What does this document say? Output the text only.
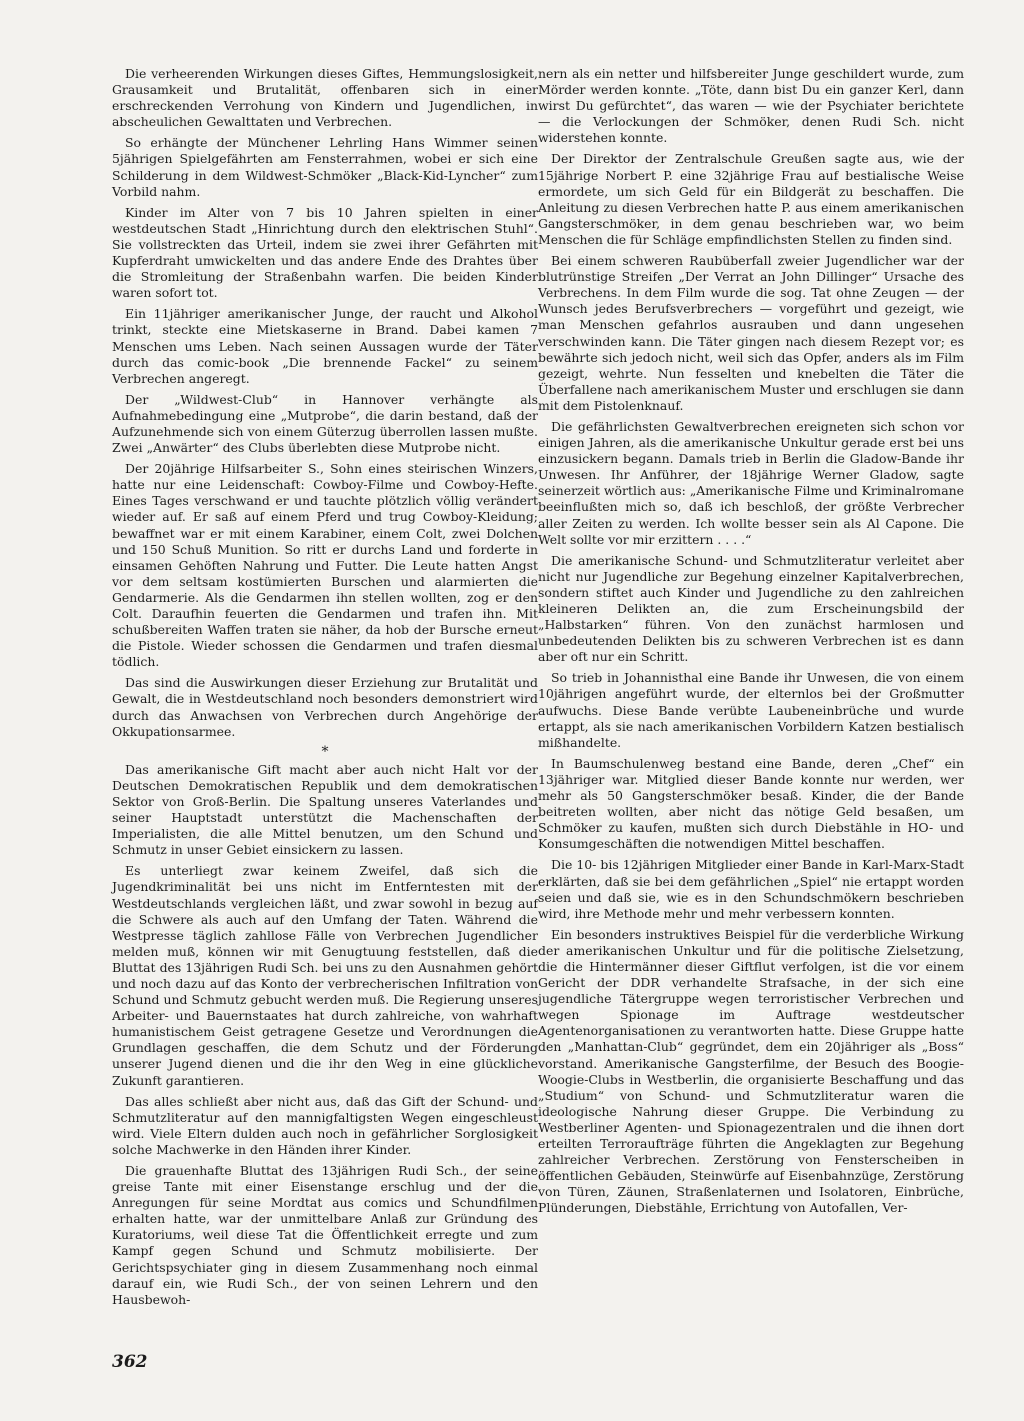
Die verheerenden Wirkungen dieses Giftes, Hemmungslosigkeit, Grausamkeit und Brutalität, offenbaren sich in einer erschreckenden Verrohung von Kindern und Jugendlichen, in abscheulichen Gewalttaten und Verbrechen.

So erhängte der Münchener Lehrling Hans Wimmer seinen 5jährigen Spielgefährten am Fensterrahmen, wobei er sich eine Schilderung in dem Wildwest-Schmöker „Black-Kid-Lyncher“ zum Vorbild nahm.

Kinder im Alter von 7 bis 10 Jahren spielten in einer westdeutschen Stadt „Hinrichtung durch den elektrischen Stuhl“. Sie vollstreckten das Urteil, indem sie zwei ihrer Gefährten mit Kupferdraht umwickelten und das andere Ende des Drahtes über die Stromleitung der Straßenbahn warfen. Die beiden Kinder waren sofort tot.

Ein 11jähriger amerikanischer Junge, der raucht und Alkohol trinkt, steckte eine Mietskaserne in Brand. Dabei kamen 7 Menschen ums Leben. Nach seinen Aussagen wurde der Täter durch das comic-book „Die brennende Fackel“ zu seinem Verbrechen angeregt.

Der „Wildwest-Club“ in Hannover verhängte als Aufnahmebedingung eine „Mutprobe“, die darin bestand, daß der Aufzunehmende sich von einem Güterzug überrollen lassen mußte. Zwei „Anwärter“ des Clubs überlebten diese Mutprobe nicht.

Der 20jährige Hilfsarbeiter S., Sohn eines steirischen Winzers, hatte nur eine Leidenschaft: Cowboy-Filme und Cowboy-Hefte. Eines Tages verschwand er und tauchte plötzlich völlig verändert wieder auf. Er saß auf einem Pferd und trug Cowboy-Kleidung; bewaffnet war er mit einem Karabiner, einem Colt, zwei Dolchen und 150 Schuß Munition. So ritt er durchs Land und forderte in einsamen Gehöften Nahrung und Futter. Die Leute hatten Angst vor dem seltsam kostümierten Burschen und alarmierten die Gendarmerie. Als die Gendarmen ihn stellen wollten, zog er den Colt. Daraufhin feuerten die Gendarmen und trafen ihn. Mit schußbereiten Waffen traten sie näher, da hob der Bursche erneut die Pistole. Wieder schossen die Gendarmen und trafen diesmal tödlich.

Das sind die Auswirkungen dieser Erziehung zur Brutalität und Gewalt, die in Westdeutschland noch besonders demonstriert wird durch das Anwachsen von Verbrechen durch Angehörige der Okkupationsarmee.

*

Das amerikanische Gift macht aber auch nicht Halt vor der Deutschen Demokratischen Republik und dem demokratischen Sektor von Groß-Berlin. Die Spaltung unseres Vaterlandes und seiner Hauptstadt unterstützt die Machenschaften der Imperialisten, die alle Mittel benutzen, um den Schund und Schmutz in unser Gebiet einsickern zu lassen.

Es unterliegt zwar keinem Zweifel, daß sich die Jugendkriminalität bei uns nicht im Entferntesten mit der Westdeutschlands vergleichen läßt, und zwar sowohl in bezug auf die Schwere als auch auf den Umfang der Taten. Während die Westpresse täglich zahllose Fälle von Verbrechen Jugendlicher melden muß, können wir mit Genugtuung feststellen, daß die Bluttat des 13jährigen Rudi Sch. bei uns zu den Ausnahmen gehört und noch dazu auf das Konto der verbrecherischen Infiltration von Schund und Schmutz gebucht werden muß. Die Regierung unseres Arbeiter- und Bauernstaates hat durch zahlreiche, von wahrhaft humanistischem Geist getragene Gesetze und Verordnungen die Grundlagen geschaffen, die dem Schutz und der Förderung unserer Jugend dienen und die ihr den Weg in eine glückliche Zukunft garantieren.

Das alles schließt aber nicht aus, daß das Gift der Schund- und Schmutzliteratur auf den mannigfaltigsten Wegen eingeschleust wird. Viele Eltern dulden auch noch in gefährlicher Sorglosigkeit solche Machwerke in den Händen ihrer Kinder.

Die grauenhafte Bluttat des 13jährigen Rudi Sch., der seine greise Tante mit einer Eisenstange erschlug und der die Anregungen für seine Mordtat aus comics und Schundfilmen erhalten hatte, war der unmittelbare Anlaß zur Gründung des Kuratoriums, weil diese Tat die Öffentlichkeit erregte und zum Kampf gegen Schund und Schmutz mobilisierte. Der Gerichtspsychiater ging in diesem Zusammenhang noch einmal darauf ein, wie Rudi Sch., der von seinen Lehrern und den Hausbewoh-

nern als ein netter und hilfsbereiter Junge geschildert wurde, zum Mörder werden konnte. „Töte, dann bist Du ein ganzer Kerl, dann wirst Du gefürchtet“, das waren — wie der Psychiater berichtete — die Verlockungen der Schmöker, denen Rudi Sch. nicht widerstehen konnte.

Der Direktor der Zentralschule Greußen sagte aus, wie der 15jährige Norbert P. eine 32jährige Frau auf bestialische Weise ermordete, um sich Geld für ein Bildgerät zu beschaffen. Die Anleitung zu diesen Verbrechen hatte P. aus einem amerikanischen Gangsterschmöker, in dem genau beschrieben war, wo beim Menschen die für Schläge empfindlichsten Stellen zu finden sind.

Bei einem schweren Raubüberfall zweier Jugendlicher war der blutrünstige Streifen „Der Verrat an John Dillinger“ Ursache des Verbrechens. In dem Film wurde die sog. Tat ohne Zeugen — der Wunsch jedes Berufsverbrechers — vorgeführt und gezeigt, wie man Menschen gefahrlos ausrauben und dann ungesehen verschwinden kann. Die Täter gingen nach diesem Rezept vor; es bewährte sich jedoch nicht, weil sich das Opfer, anders als im Film gezeigt, wehrte. Nun fesselten und knebelten die Täter die Überfallene nach amerikanischem Muster und erschlugen sie dann mit dem Pistolenknauf.

Die gefährlichsten Gewaltverbrechen ereigneten sich schon vor einigen Jahren, als die amerikanische Unkultur gerade erst bei uns einzusickern begann. Damals trieb in Berlin die Gladow-Bande ihr Unwesen. Ihr Anführer, der 18jährige Werner Gladow, sagte seinerzeit wörtlich aus: „Amerikanische Filme und Kriminalromane beeinflußten mich so, daß ich beschloß, der größte Verbrecher aller Zeiten zu werden. Ich wollte besser sein als Al Capone. Die Welt sollte vor mir erzittern . . . .“

Die amerikanische Schund- und Schmutzliteratur verleitet aber nicht nur Jugendliche zur Begehung einzelner Kapitalverbrechen, sondern stiftet auch Kinder und Jugendliche zu den zahlreichen kleineren Delikten an, die zum Erscheinungsbild der „Halbstarken“ führen. Von den zunächst harmlosen und unbedeutenden Delikten bis zu schweren Verbrechen ist es dann aber oft nur ein Schritt.

So trieb in Johannisthal eine Bande ihr Unwesen, die von einem 10jährigen angeführt wurde, der elternlos bei der Großmutter aufwuchs. Diese Bande verübte Laubeneinbrüche und wurde ertappt, als sie nach amerikanischen Vorbildern Katzen bestialisch mißhandelte.

In Baumschulenweg bestand eine Bande, deren „Chef“ ein 13jähriger war. Mitglied dieser Bande konnte nur werden, wer mehr als 50 Gangsterschmöker besaß. Kinder, die der Bande beitreten wollten, aber nicht das nötige Geld besaßen, um Schmöker zu kaufen, mußten sich durch Diebstähle in HO- und Konsumgeschäften die notwendigen Mittel beschaffen.

Die 10- bis 12jährigen Mitglieder einer Bande in Karl-Marx-Stadt erklärten, daß sie bei dem gefährlichen „Spiel“ nie ertappt worden seien und daß sie, wie es in den Schundschmökern beschrieben wird, ihre Methode mehr und mehr verbessern konnten.

Ein besonders instruktives Beispiel für die verderbliche Wirkung der amerikanischen Unkultur und für die politische Zielsetzung, die die Hintermänner dieser Giftflut verfolgen, ist die vor einem Gericht der DDR verhandelte Strafsache, in der sich eine jugendliche Tätergruppe wegen terroristischer Verbrechen und wegen Spionage im Auftrage westdeutscher Agentenorganisationen zu verantworten hatte. Diese Gruppe hatte den „Manhattan-Club“ gegründet, dem ein 20jähriger als „Boss“ vorstand. Amerikanische Gangsterfilme, der Besuch des Boogie-Woogie-Clubs in Westberlin, die organisierte Beschaffung und das „Studium“ von Schund- und Schmutzliteratur waren die ideologische Nahrung dieser Gruppe. Die Verbindung zu Westberliner Agenten- und Spionagezentralen und die ihnen dort erteilten Terroraufträge führten die Angeklagten zur Begehung zahlreicher Verbrechen. Zerstörung von Fensterscheiben in öffentlichen Gebäuden, Steinwürfe auf Eisenbahnzüge, Zerstörung von Türen, Zäunen, Straßenlaternen und Isolatoren, Einbrüche, Plünderungen, Diebstähle, Errichtung von Autofallen, Ver-

362
